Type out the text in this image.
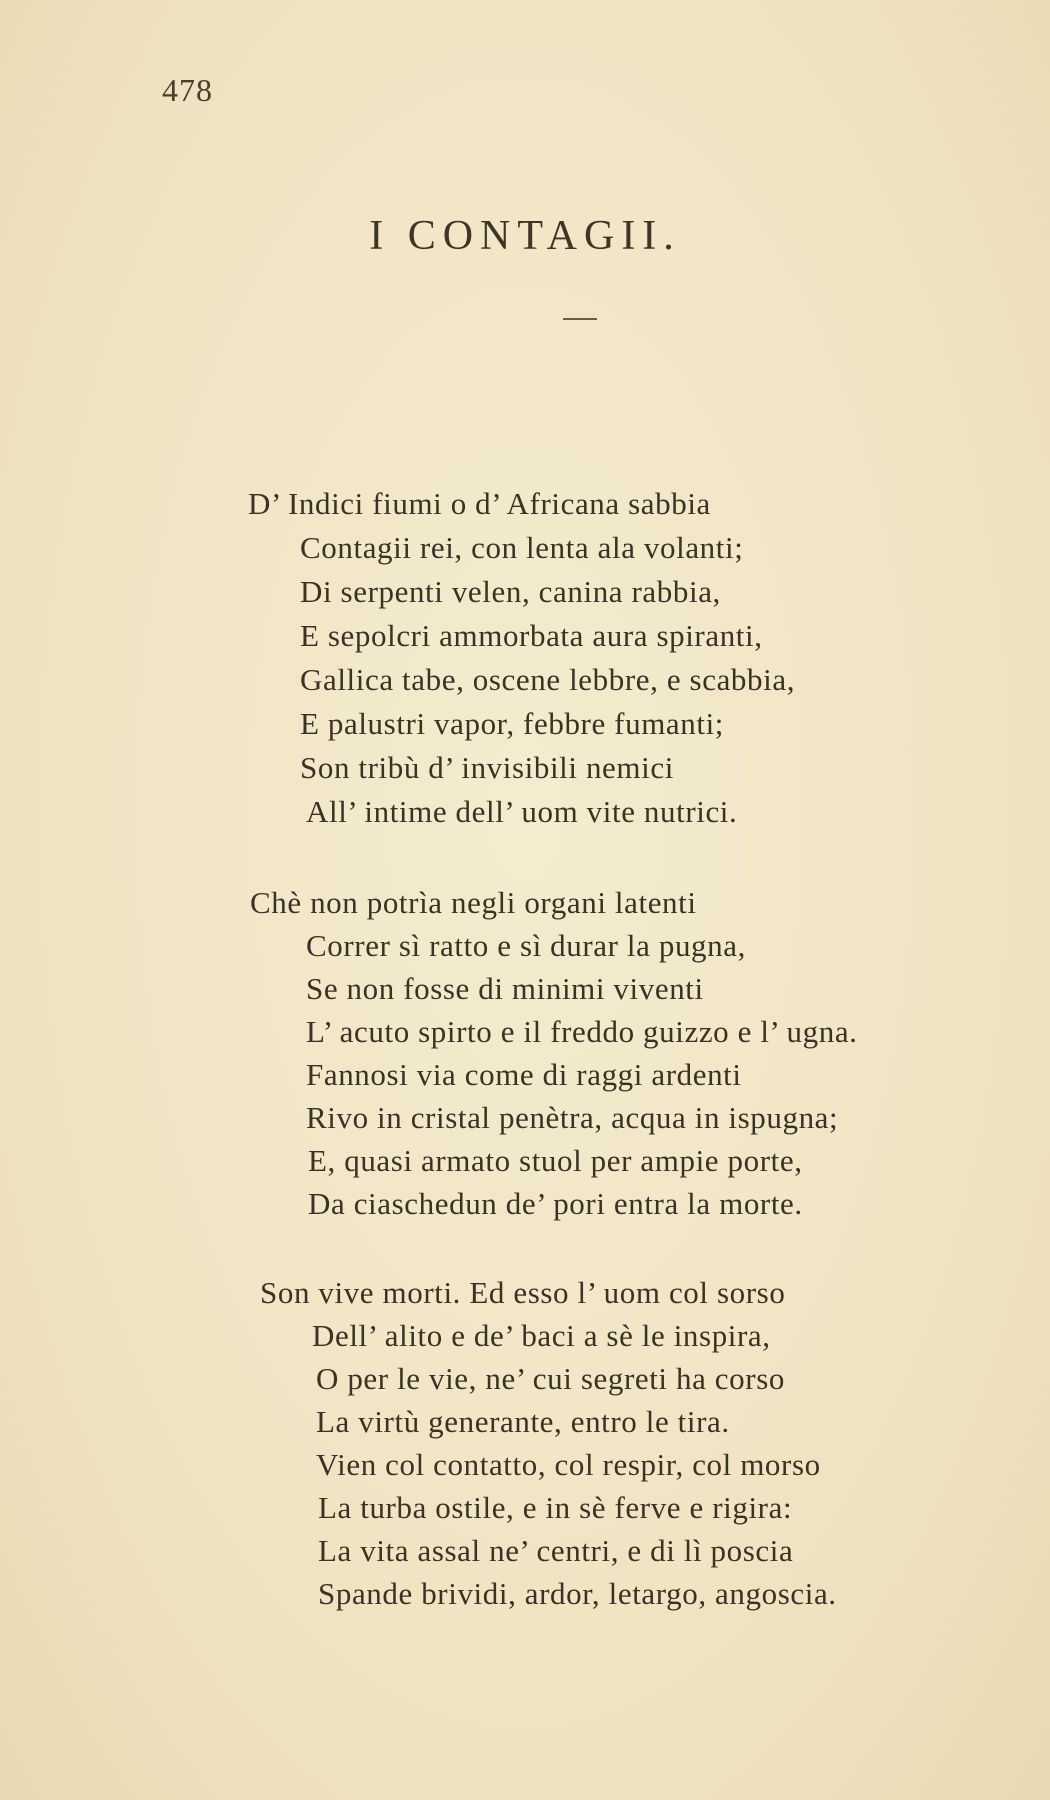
478
I CONTAGII.
D’ Indici fiumi o d’ Africana sabbia
Contagii rei, con lenta ala volanti;
Di serpenti velen, canina rabbia,
E sepolcri ammorbata aura spiranti,
Gallica tabe, oscene lebbre, e scabbia,
E palustri vapor, febbre fumanti;
Son tribù d’ invisibili nemici
All’ intime dell’ uom vite nutrici.
Chè non potrìa negli organi latenti
Correr sì ratto e sì durar la pugna,
Se non fosse di minimi viventi
L’ acuto spirto e il freddo guizzo e l’ ugna.
Fannosi via come di raggi ardenti
Rivo in cristal penètra, acqua in ispugna;
E, quasi armato stuol per ampie porte,
Da ciaschedun de’ pori entra la morte.
Son vive morti. Ed esso l’ uom col sorso
Dell’ alito e de’ baci a sè le inspira,
O per le vie, ne’ cui segreti ha corso
La virtù generante, entro le tira.
Vien col contatto, col respir, col morso
La turba ostile, e in sè ferve e rigira:
La vita assal ne’ centri, e di lì poscia
Spande brividi, ardor, letargo, angoscia.
